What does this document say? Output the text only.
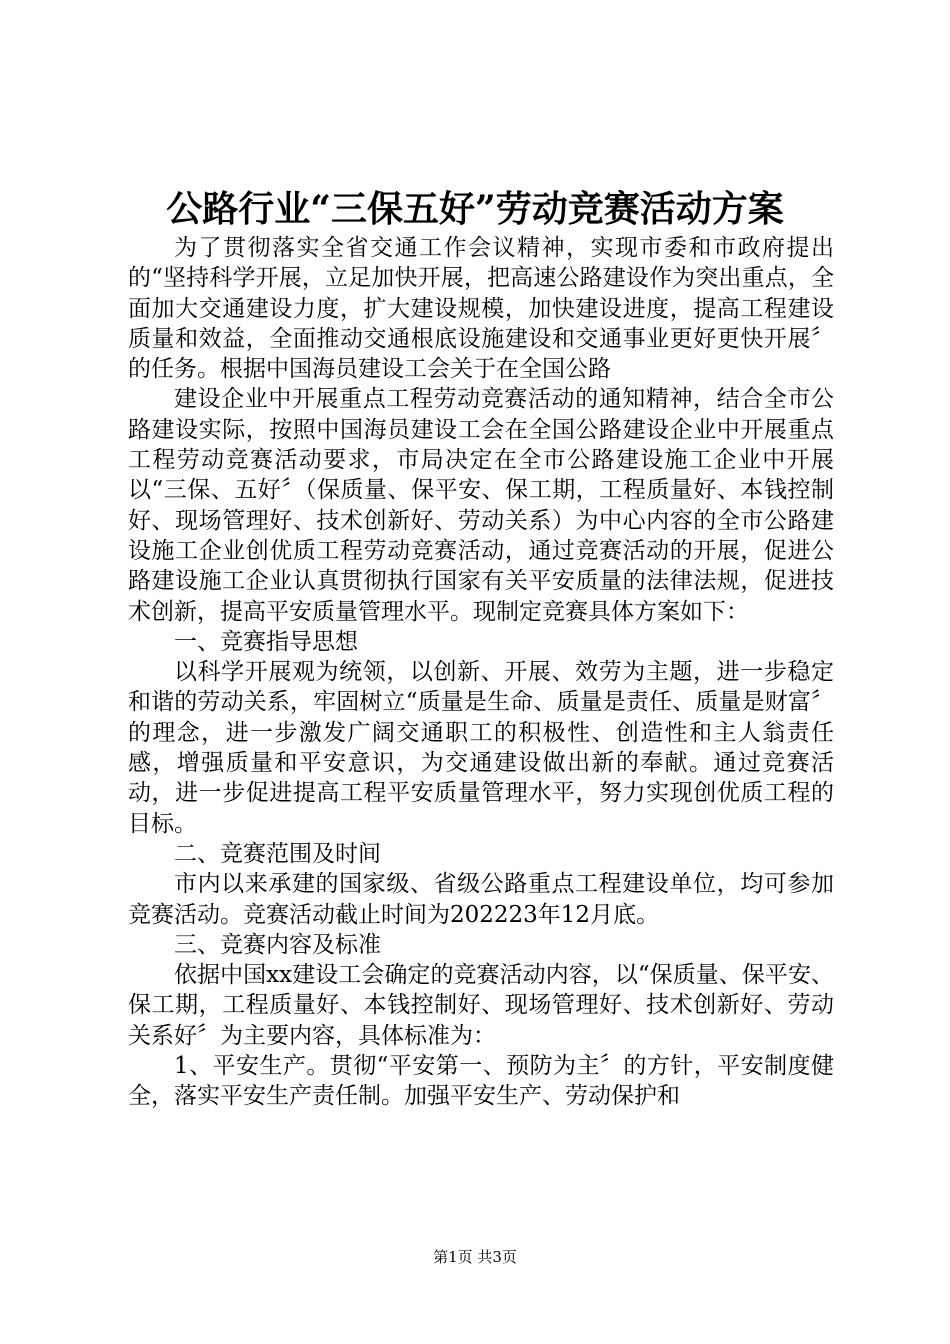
公路行业“三保五好”劳动竞赛活动方案

为了贯彻落实全省交通工作会议精神，实现市委和市政府提出的“坚持科学开展，立足加快开展，把高速公路建设作为突出重点，全面加大交通建设力度，扩大建设规模，加快建设进度，提高工程建设质量和效益，全面推动交通根底设施建设和交通事业更好更快开展〞的任务。根据中国海员建设工会关于在全国公路

建设企业中开展重点工程劳动竞赛活动的通知精神，结合全市公路建设实际，按照中国海员建设工会在全国公路建设企业中开展重点工程劳动竞赛活动要求，市局决定在全市公路建设施工企业中开展以“三保、五好〞（保质量、保平安、保工期，工程质量好、本钱控制好、现场管理好、技术创新好、劳动关系）为中心内容的全市公路建设施工企业创优质工程劳动竞赛活动，通过竞赛活动的开展，促进公路建设施工企业认真贯彻执行国家有关平安质量的法律法规，促进技术创新，提高平安质量管理水平。现制定竞赛具体方案如下：

一、竞赛指导思想

以科学开展观为统领，以创新、开展、效劳为主题，进一步稳定和谐的劳动关系，牢固树立“质量是生命、质量是责任、质量是财富〞的理念，进一步激发广阔交通职工的积极性、创造性和主人翁责任感，增强质量和平安意识，为交通建设做出新的奉献。通过竞赛活动，进一步促进提高工程平安质量管理水平，努力实现创优质工程的目标。

二、竞赛范围及时间

市内以来承建的国家级、省级公路重点工程建设单位，均可参加竞赛活动。竞赛活动截止时间为202223年12月底。

三、竞赛内容及标准

依据中国xx建设工会确定的竞赛活动内容，以“保质量、保平安、保工期，工程质量好、本钱控制好、现场管理好、技术创新好、劳动关系好〞为主要内容，具体标准为：

1、平安生产。贯彻“平安第一、预防为主〞的方针，平安制度健全，落实平安生产责任制。加强平安生产、劳动保护和

第1页 共3页
